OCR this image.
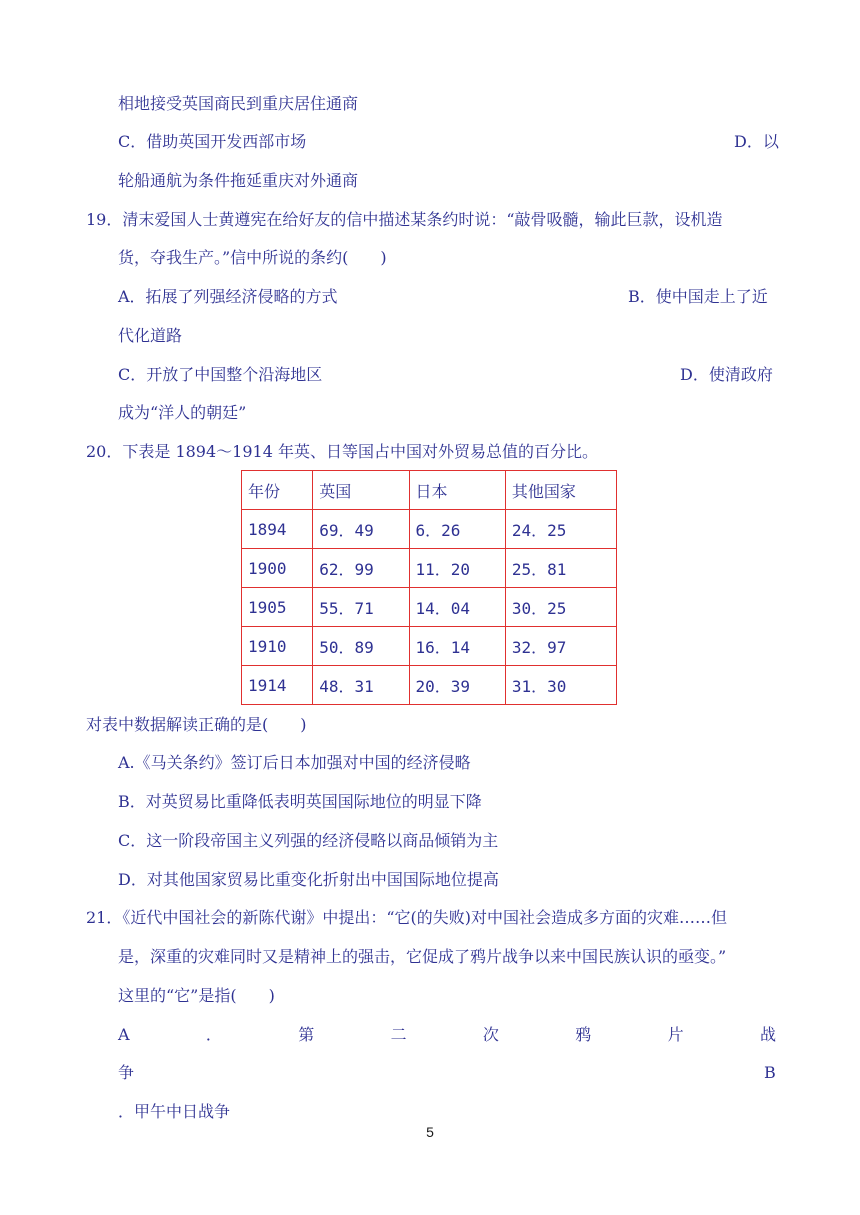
相地接受英国商民到重庆居住通商
C．借助英国开发西部市场	D．以
轮船通航为条件拖延重庆对外通商
19．清末爱国人士黄遵宪在给好友的信中描述某条约时说：“敲骨吸髓，输此巨款，设机造
货，夺我生产。”信中所说的条约(　　)
A．拓展了列强经济侵略的方式	B．使中国走上了近
代化道路
C．开放了中国整个沿海地区	D．使清政府
成为“洋人的朝廷”
20．下表是 1894～1914 年英、日等国占中国对外贸易总值的百分比。
年份	英国	日本	其他国家
1894	69．49	6．26	24．25
1900	62．99	11．20	25．81
1905	55．71	14．04	30．25
1910	50．89	16．14	32．97
1914	48．31	20．39	31．30
对表中数据解读正确的是(　　)
A.《马关条约》签订后日本加强对中国的经济侵略
B．对英贸易比重降低表明英国国际地位的明显下降
C．这一阶段帝国主义列强的经济侵略以商品倾销为主
D．对其他国家贸易比重变化折射出中国国际地位提高
21．《近代中国社会的新陈代谢》中提出：“它(的失败)对中国社会造成多方面的灾难……但
是，深重的灾难同时又是精神上的强击，它促成了鸦片战争以来中国民族认识的亟变。”
这里的“它”是指(　　)
A	．	第	二	次	鸦	片	战
争	B
．甲午中日战争
5
